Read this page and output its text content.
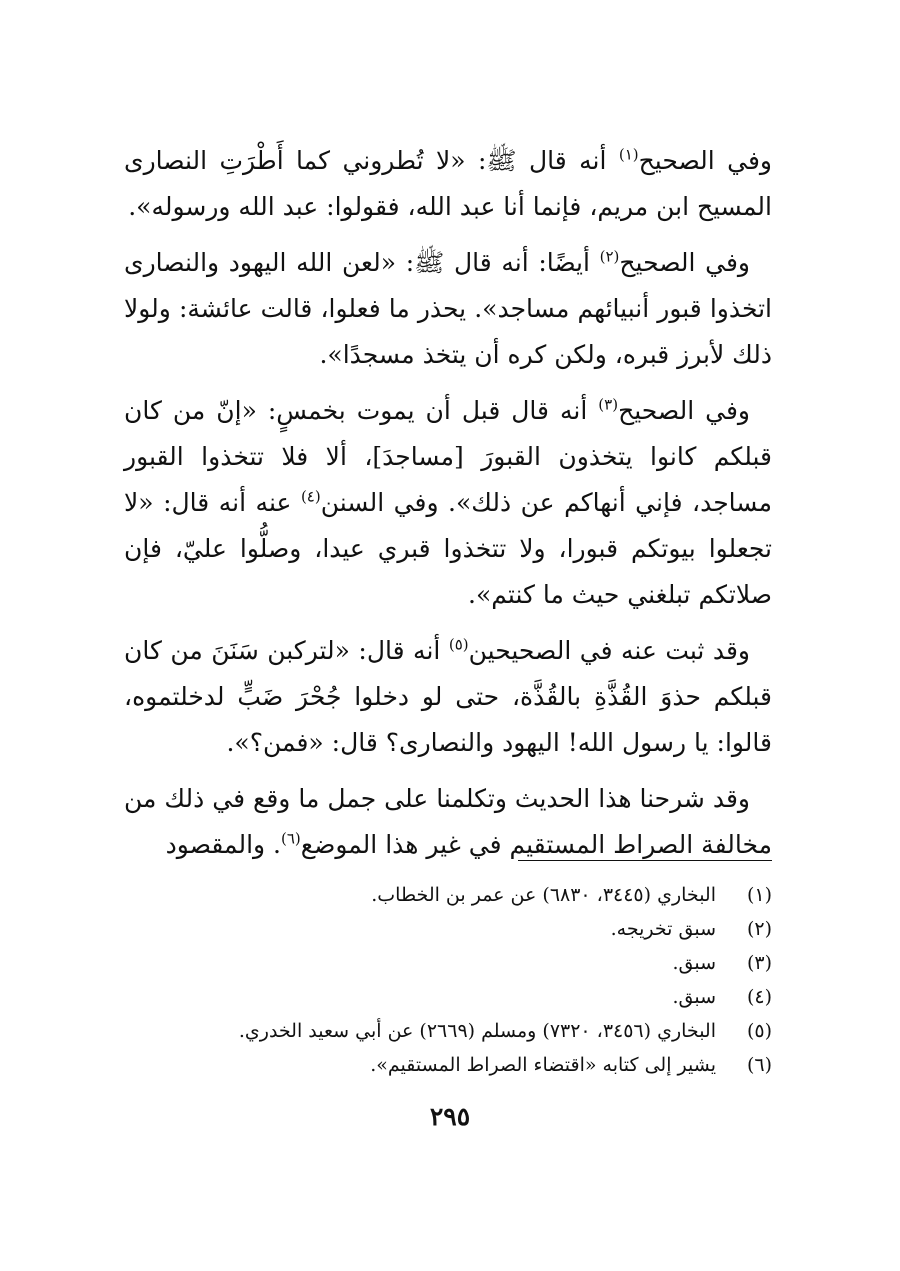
وفي الصحيح$^{(١)}$ أنه قال ﷺ: «لا تُطروني كما أَطْرَتِ النصارى المسيح ابن مريم، فإنما أنا عبد الله، فقولوا: عبد الله ورسوله».

وفي الصحيح$^{(٢)}$ أيضًا: أنه قال ﷺ: «لعن الله اليهود والنصارى اتخذوا قبور أنبيائهم مساجد». يحذر ما فعلوا، قالت عائشة: ولولا ذلك لأبرز قبره، ولكن كره أن يتخذ مسجدًا».

وفي الصحيح$^{(٣)}$ أنه قال قبل أن يموت بخمسٍ: «إنّ من كان قبلكم كانوا يتخذون القبورَ [مساجدَ]، ألا فلا تتخذوا القبور مساجد، فإني أنهاكم عن ذلك». وفي السنن$^{(٤)}$ عنه أنه قال: «لا تجعلوا بيوتكم قبورا، ولا تتخذوا قبري عيدا، وصلُّوا عليّ، فإن صلاتكم تبلغني حيث ما كنتم».

وقد ثبت عنه في الصحيحين$^{(٥)}$ أنه قال: «لتركبن سَنَنَ من كان قبلكم حذوَ القُذَّةِ بالقُذَّة، حتى لو دخلوا جُحْرَ ضَبٍّ لدخلتموه، قالوا: يا رسول الله! اليهود والنصارى؟ قال: «فمن؟».

وقد شرحنا هذا الحديث وتكلمنا على جمل ما وقع في ذلك من مخالفة الصراط المستقيم في غير هذا الموضع$^{(٦)}$. والمقصود

(١)
البخاري (٣٤٤٥، ٦٨٣٠) عن عمر بن الخطاب.
(٢)
سبق تخريجه.
(٣)
سبق.
(٤)
سبق.
(٥)
البخاري (٣٤٥٦، ٧٣٢٠) ومسلم (٢٦٦٩) عن أبي سعيد الخدري.
(٦)
يشير إلى كتابه «اقتضاء الصراط المستقيم».
٢٩٥
